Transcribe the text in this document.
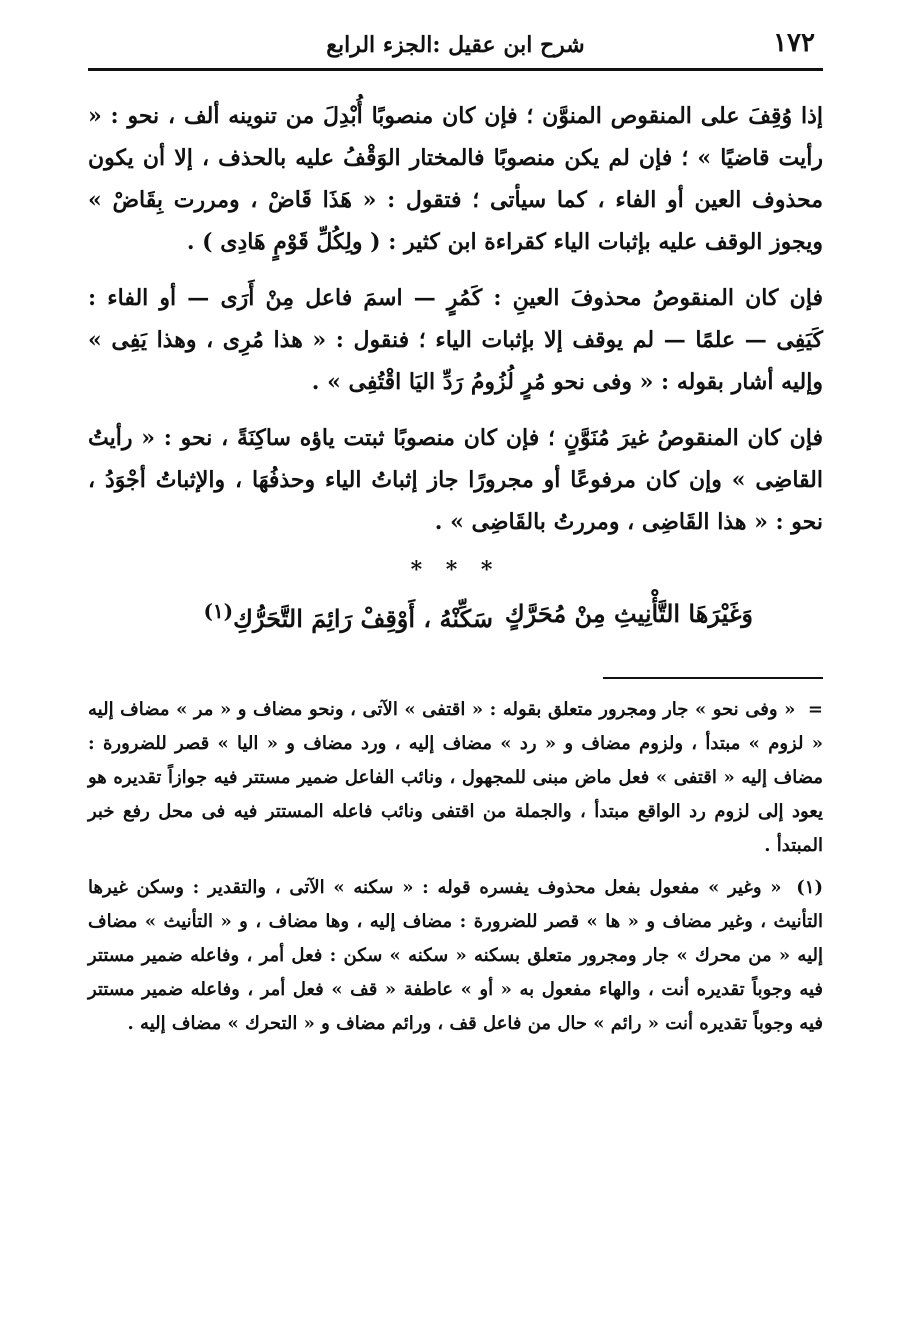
١٧٢
شرح ابن عقيل :الجزء الرابع

إذا وُقِفَ على المنقوص المنوَّن ؛ فإن كان منصوبًا أُبْدِلَ من تنوينه ألف ، نحو : « رأيت قاضيًا » ؛ فإن لم يكن منصوبًا فالمختار الوَقْفُ عليه بالحذف ، إلا أن يكون محذوف العين أو الفاء ، كما سيأتى ؛ فتقول : « هَذَا قَاضْ ، ومررت بِقَاضْ » ويجوز الوقف عليه بإثبات الياء كقراءة ابن كثير : ( ولِكُلِّ قَوْمٍ هَادِى ) .

فإن كان المنقوصُ محذوفَ العينِ : كَمُرٍ — اسمَ فاعل مِنْ أَرَى — أو الفاء : كَيَفِى — علمًا — لم يوقف إلا بإثبات الياء ؛ فنقول : « هذا مُرِى ، وهذا يَفِى » وإليه أشار بقوله : « وفى نحو مُرٍ لُزُومُ رَدِّ اليَا اقْتُفِى » .

فإن كان المنقوصُ غيرَ مُنَوَّنٍ ؛ فإن كان منصوبًا ثبتت ياؤه ساكِنَةً ، نحو : « رأيتُ القاضِى » وإن كان مرفوعًا أو مجرورًا جاز إثباتُ الياء وحذفُهَا ، والإثباتُ أجْوَدُ ، نحو : « هذا القَاضِى ، ومررتُ بالقَاضِى » .

* * *
وَغَيْرَهَا التَّأْنِيثِ مِنْ مُحَرَّكٍ
سَكِّنْهُ ، أَوْقِفْ رَائِمَ التَّحَرُّكِ$^{(١)}$

= « وفى نحو » جار ومجرور متعلق بقوله : « اقتفى » الآتى ، ونحو مضاف و « مر » مضاف إليه « لزوم » مبتدأ ، ولزوم مضاف و « رد » مضاف إليه ، ورد مضاف و « اليا » قصر للضرورة : مضاف إليه « اقتفى » فعل ماض مبنى للمجهول ، ونائب الفاعل ضمير مستتر فيه جوازاً تقديره هو يعود إلى لزوم رد الواقع مبتدأ ، والجملة من اقتفى ونائب فاعله المستتر فيه فى محل رفع خبر المبتدأ .

(١) « وغير » مفعول بفعل محذوف يفسره قوله : « سكنه » الآتى ، والتقدير : وسكن غيرها التأنيث ، وغير مضاف و « ها » قصر للضرورة : مضاف إليه ، وها مضاف ، و « التأنيث » مضاف إليه « من محرك » جار ومجرور متعلق بسكنه « سكنه » سكن : فعل أمر ، وفاعله ضمير مستتر فيه وجوباً تقديره أنت ، والهاء مفعول به « أو » عاطفة « قف » فعل أمر ، وفاعله ضمير مستتر فيه وجوباً تقديره أنت « رائم » حال من فاعل قف ، ورائم مضاف و « التحرك » مضاف إليه .
